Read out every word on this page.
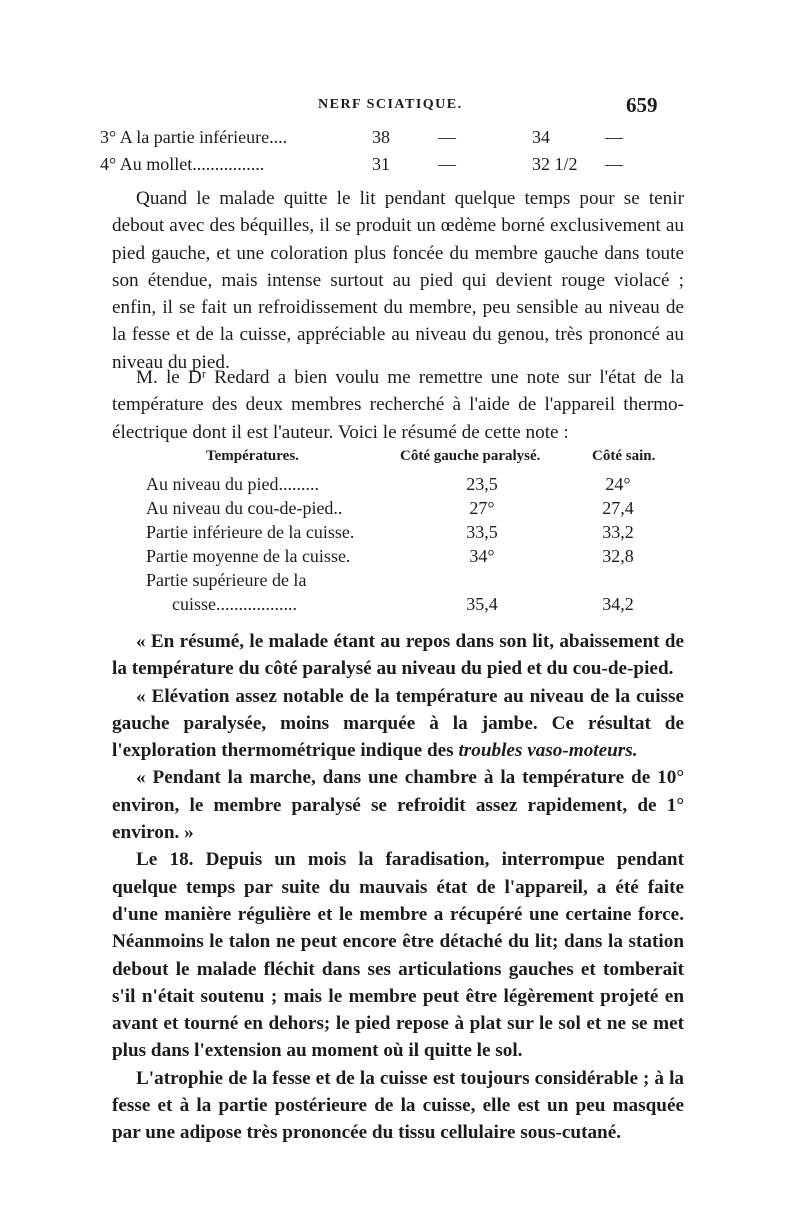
NERF SCIATIQUE.	659
3° A la partie inférieure....	38	—	34	—
4° Au mollet................	31	—	32 1/2 —

Quand le malade quitte le lit pendant quelque temps pour se tenir debout avec des béquilles, il se produit un œdème borné exclusivement au pied gauche, et une coloration plus foncée du membre gauche dans toute son étendue, mais intense surtout au pied qui devient rouge violacé ; enfin, il se fait un refroidissement du membre, peu sensible au niveau de la fesse et de la cuisse, appréciable au niveau du genou, très prononcé au niveau du pied.

M. le Dʳ Redard a bien voulu me remettre une note sur l'état de la température des deux membres recherché à l'aide de l'appareil thermo-électrique dont il est l'auteur. Voici le résumé de cette note :

Températures.	Côté gauche paralysé.	Côté sain.
Au niveau du pied.........	23,5	24°
Au niveau du cou-de-pied..	27°	27,4
Partie inférieure de la cuisse.	33,5	33,2
Partie moyenne de la cuisse.	34°	32,8
Partie supérieure de la
cuisse..................	35,4	34,2

« En résumé, le malade étant au repos dans son lit, abaissement de la température du côté paralysé au niveau du pied et du cou-de-pied.

« Elévation assez notable de la température au niveau de la cuisse gauche paralysée, moins marquée à la jambe. Ce résultat de l'exploration thermométrique indique des troubles vaso-moteurs.

« Pendant la marche, dans une chambre à la température de 10° environ, le membre paralysé se refroidit assez rapidement, de 1° environ. »

Le 18. Depuis un mois la faradisation, interrompue pendant quelque temps par suite du mauvais état de l'appareil, a été faite d'une manière régulière et le membre a récupéré une certaine force. Néanmoins le talon ne peut encore être détaché du lit; dans la station debout le malade fléchit dans ses articulations gauches et tomberait s'il n'était soutenu ; mais le membre peut être légèrement projeté en avant et tourné en dehors; le pied repose à plat sur le sol et ne se met plus dans l'extension au moment où il quitte le sol.

L'atrophie de la fesse et de la cuisse est toujours considérable ; à la fesse et à la partie postérieure de la cuisse, elle est un peu masquée par une adipose très prononcée du tissu cellulaire sous-cutané.
